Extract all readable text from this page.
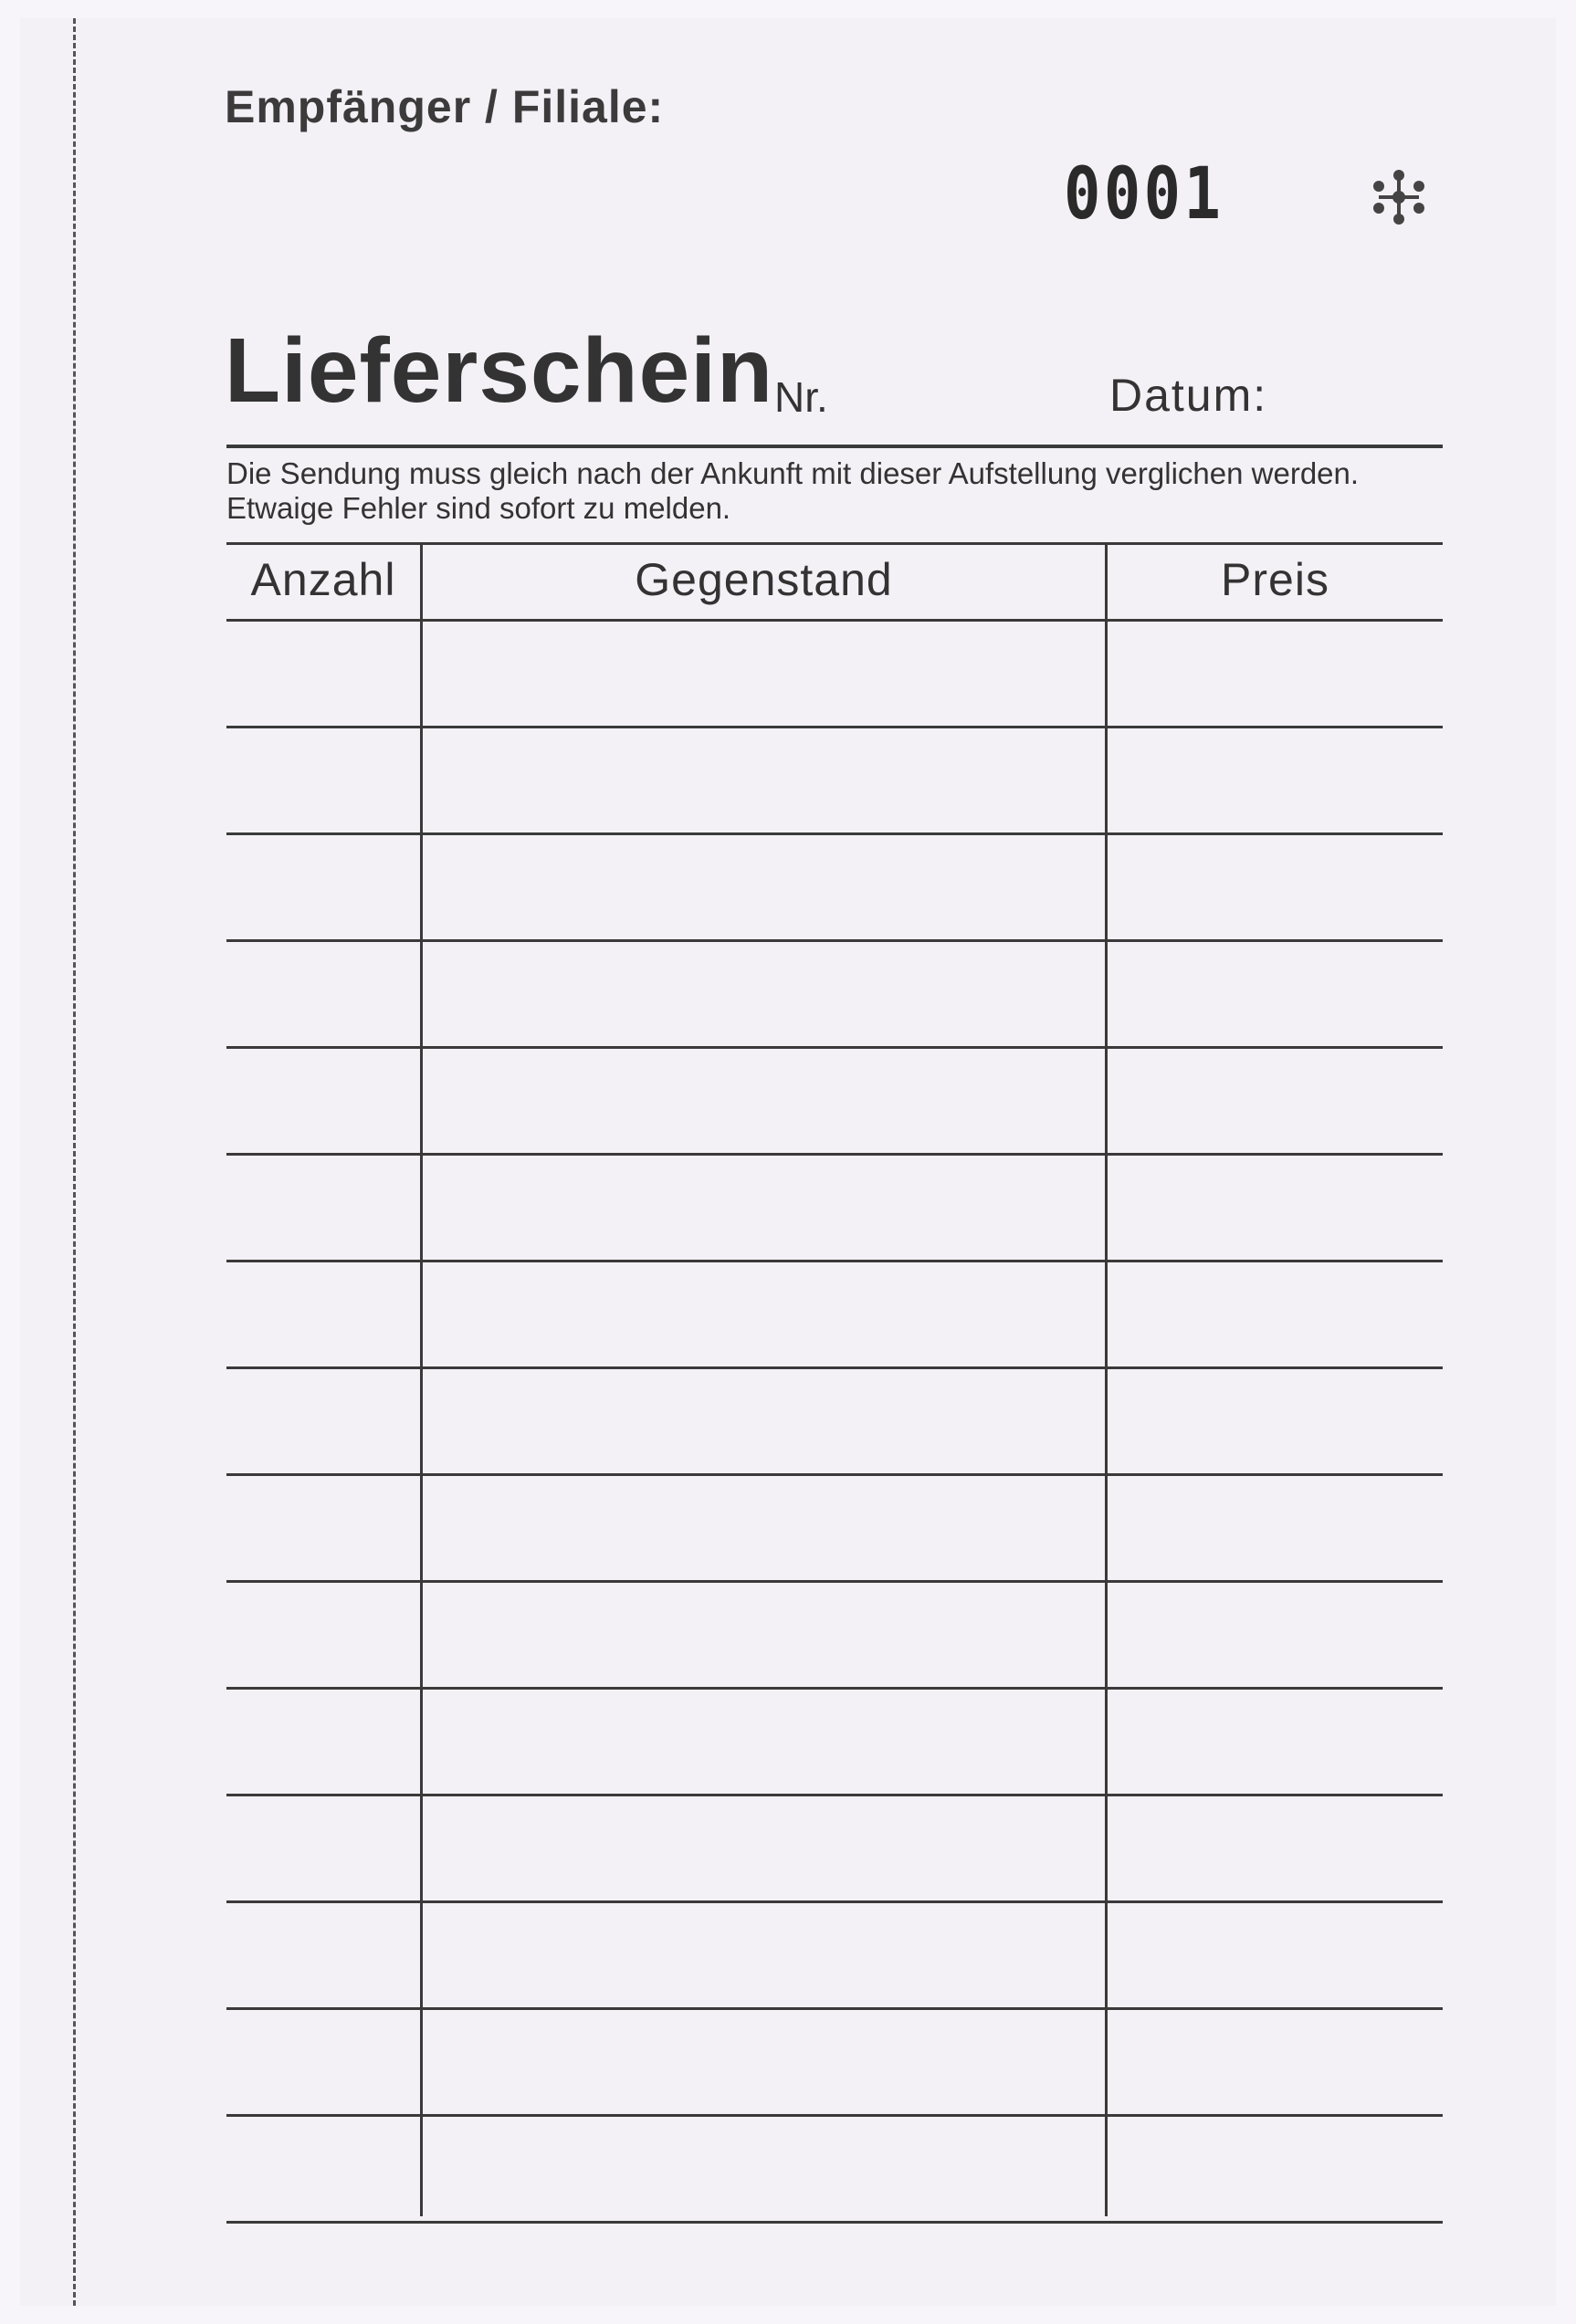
Empfänger / Filiale:
0001
Lieferschein Nr.	Datum:
Die Sendung muss gleich nach der Ankunft mit dieser Aufstellung verglichen werden.
Etwaige Fehler sind sofort zu melden.
Anzahl	Gegenstand	Preis
